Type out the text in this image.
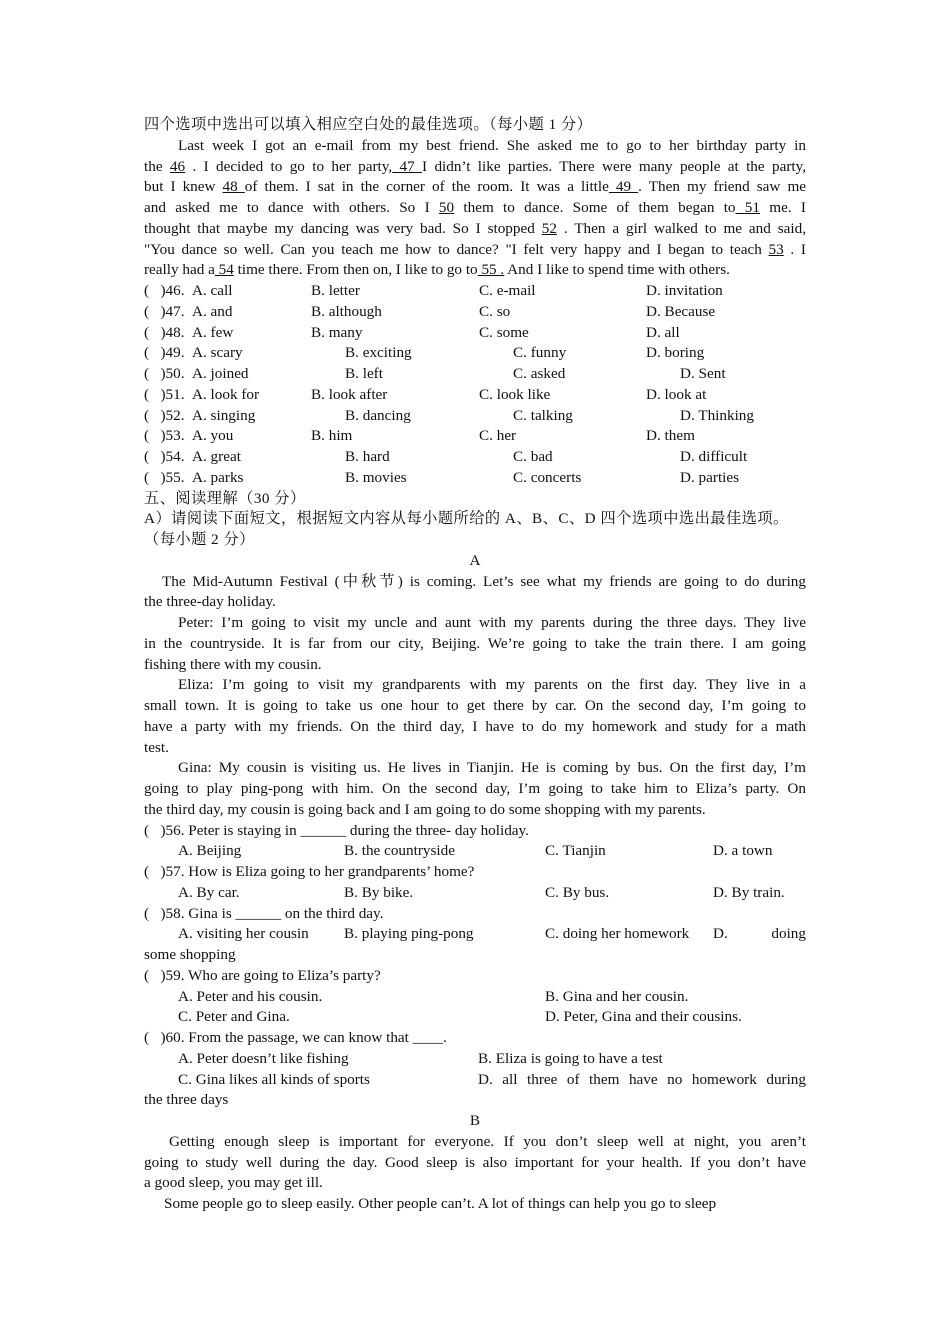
四个选项中选出可以填入相应空白处的最佳选项。（每小题 1 分）
Last week I got an e-mail from my best friend. She asked me to go to her birthday party in
the 46 . I decided to go to her party, 47 I didn’t like parties. There were many people at the party,
but I knew 48 of them. I sat in the corner of the room. It was a little 49 . Then my friend saw me
and asked me to dance with others. So I 50 them to dance. Some of them began to 51 me. I
thought that maybe my dancing was very bad. So I stopped 52 . Then a girl walked to me and said,
"You dance so well. Can you teach me how to dance? "I felt very happy and I began to teach 53 . I
really had a 54 time there. From then on, I like to go to 55 . And I like to spend time with others.
(   )46. A. call	B. letter	C. e-mail	D. invitation
(   )47. A. and	B. although	C. so	D. Because
(   )48. A. few	B. many	C. some	D. all
(   )49. A. scary	B. exciting	C. funny	D. boring
(   )50. A. joined	B. left	C. asked	D. Sent
(   )51. A. look for	B. look after	C. look like	D. look at
(   )52. A. singing	B. dancing	C. talking	D. Thinking
(   )53. A. you	B. him	C. her	D. them
(   )54. A. great	B. hard	C. bad	D. difficult
(   )55. A. parks	B. movies	C. concerts	D. parties
五、阅读理解（30 分）
A）请阅读下面短文，根据短文内容从每小题所给的 A、B、C、D 四个选项中选出最佳选项。
（每小题 2 分）
A
The Mid-Autumn Festival (中秋节) is coming. Let’s see what my friends are going to do during
the three-day holiday.
Peter: I’m going to visit my uncle and aunt with my parents during the three days. They live
in the countryside. It is far from our city, Beijing. We’re going to take the train there. I am going
fishing there with my cousin.
Eliza: I’m going to visit my grandparents with my parents on the first day. They live in a
small town. It is going to take us one hour to get there by car. On the second day, I’m going to
have a party with my friends. On the third day, I have to do my homework and study for a math
test.
Gina: My cousin is visiting us. He lives in Tianjin. He is coming by bus. On the first day, I’m
going to play ping-pong with him. On the second day, I’m going to take him to Eliza’s party. On
the third day, my cousin is going back and I am going to do some shopping with my parents.
(   )56. Peter is staying in ______ during the three- day holiday.
A. Beijing	B. the countryside	C. Tianjin	D. a town
(   )57. How is Eliza going to her grandparents’ home?
A. By car.	B. By bike.	C. By bus.	D. By train.
(   )58. Gina is ______ on the third day.
A. visiting her cousin B. playing ping-pong	C. doing her homework D.	doing
some shopping
(   )59. Who are going to Eliza’s party?
A. Peter and his cousin.	B. Gina and her cousin.
C. Peter and Gina.	D. Peter, Gina and their cousins.
(   )60. From the passage, we can know that ____.
A. Peter doesn’t like fishing	B. Eliza is going to have a test
C. Gina likes all kinds of sports	D. all three of them have no homework during
the three days
B
Getting enough sleep is important for everyone. If you don’t sleep well at night, you aren’t
going to study well during the day. Good sleep is also important for your health. If you don’t have
a good sleep, you may get ill.
Some people go to sleep easily. Other people can’t. A lot of things can help you go to sleep
